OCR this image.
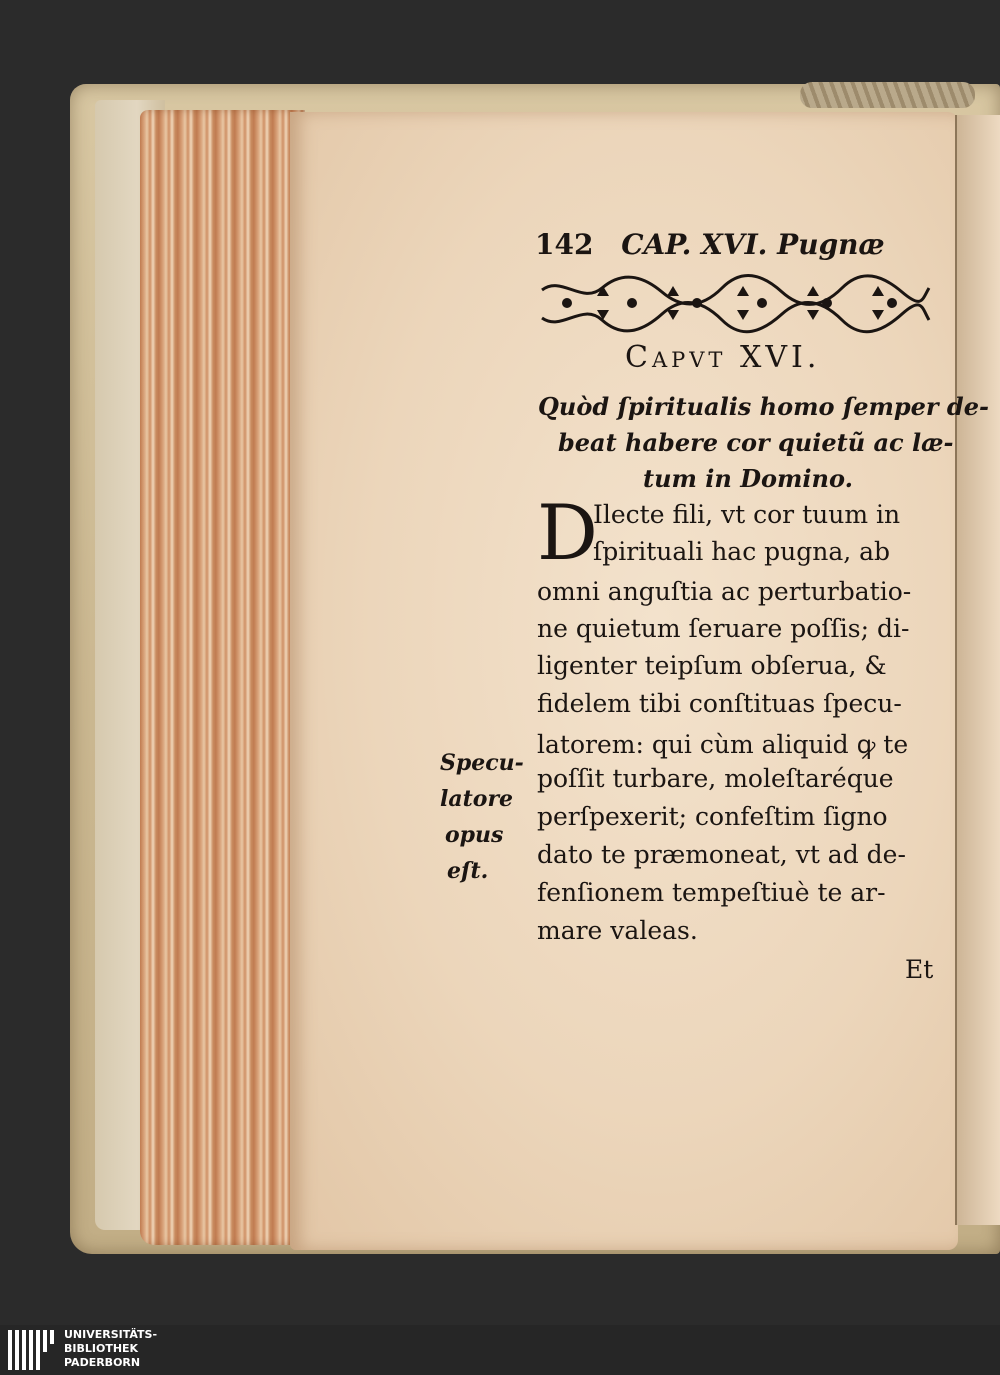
142 CAP. XVI. Pugnæ
Capvt XVI.
Quòd ſpiritualis homo ſemper de-
beat habere cor quietũ ac læ-
tum in Domino.
D
Ilecte fili, vt cor tuum in
ſpirituali hac pugna, ab
omni anguſtia ac perturbatio-
ne quietum ſeruare poſſis; di-
ligenter teipſum obſerua, &
fidelem tibi conſtituas ſpecu-
latorem: qui cùm aliquid ꝙ te
poſſit turbare, moleſtaréque
perſpexerit; confeſtim ſigno
dato te præmoneat, vt ad de-
fenſionem tempeſtiuè te ar-
mare valeas.
Specu-
latore
opus
eſt.
Et
UNIVERSITÄTS-
BIBLIOTHEK
PADERBORN
